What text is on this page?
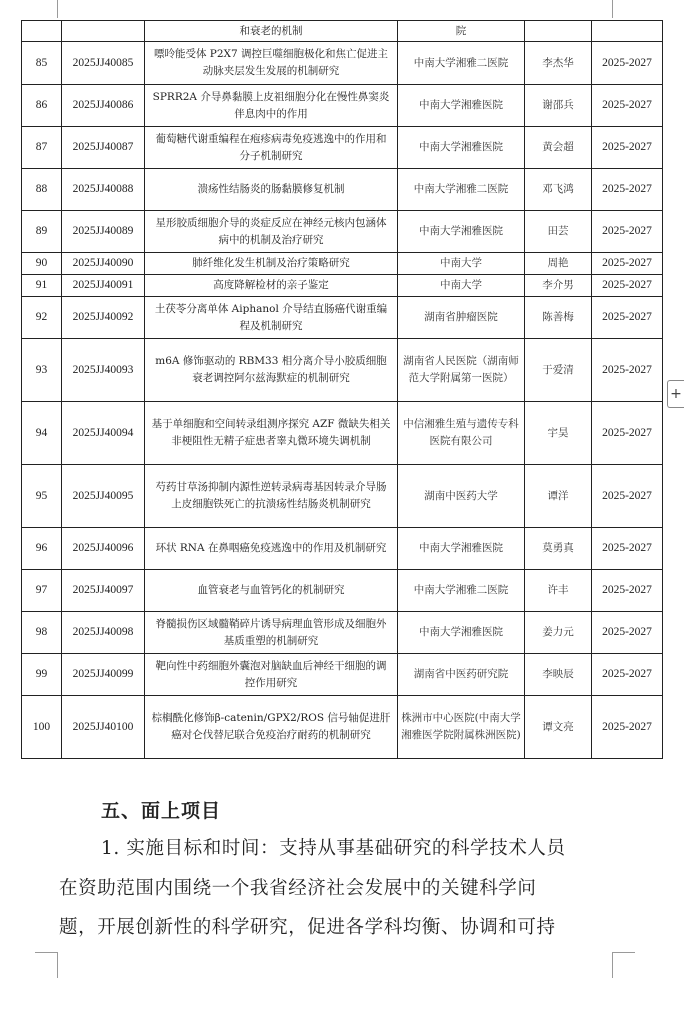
		和衰老的机制	院		
85	2025JJ40085	嘌呤能受体 P2X7 调控巨噬细胞极化和焦亡促进主动脉夹层发生发展的机制研究	中南大学湘雅二医院	李杰华	2025-2027
86	2025JJ40086	SPRR2A 介导鼻黏膜上皮祖细胞分化在慢性鼻窦炎伴息肉中的作用	中南大学湘雅医院	谢邵兵	2025-2027
87	2025JJ40087	葡萄糖代谢重编程在疱疹病毒免疫逃逸中的作用和分子机制研究	中南大学湘雅医院	黄会超	2025-2027
88	2025JJ40088	溃疡性结肠炎的肠黏膜修复机制	中南大学湘雅二医院	邓飞鸿	2025-2027
89	2025JJ40089	星形胶质细胞介导的炎症反应在神经元核内包涵体病中的机制及治疗研究	中南大学湘雅医院	田芸	2025-2027
90	2025JJ40090	肺纤维化发生机制及治疗策略研究	中南大学	周艳	2025-2027
91	2025JJ40091	高度降解检材的亲子鉴定	中南大学	李介男	2025-2027
92	2025JJ40092	土茯苓分离单体 Aiphanol 介导结直肠癌代谢重编程及机制研究	湖南省肿瘤医院	陈善梅	2025-2027
93	2025JJ40093	m6A 修饰驱动的 RBM33 相分离介导小胶质细胞衰老调控阿尔兹海默症的机制研究	湖南省人民医院（湖南师范大学附属第一医院）	于爱清	2025-2027
94	2025JJ40094	基于单细胞和空间转录组测序探究 AZF 微缺失相关非梗阻性无精子症患者睾丸微环境失调机制	中信湘雅生殖与遗传专科医院有限公司	宇昊	2025-2027
95	2025JJ40095	芍药甘草汤抑制内源性逆转录病毒基因转录介导肠上皮细胞铁死亡的抗溃疡性结肠炎机制研究	湖南中医药大学	谭洋	2025-2027
96	2025JJ40096	环状 RNA 在鼻咽癌免疫逃逸中的作用及机制研究	中南大学湘雅医院	莫勇真	2025-2027
97	2025JJ40097	血管衰老与血管钙化的机制研究	中南大学湘雅二医院	许丰	2025-2027
98	2025JJ40098	脊髓损伤区域髓鞘碎片诱导病理血管形成及细胞外基质重塑的机制研究	中南大学湘雅医院	姜力元	2025-2027
99	2025JJ40099	靶向性中药细胞外囊泡对脑缺血后神经干细胞的调控作用研究	湖南省中医药研究院	李映辰	2025-2027
100	2025JJ40100	棕榈酰化修饰β-catenin/GPX2/ROS 信号轴促进肝癌对仑伐替尼联合免疫治疗耐药的机制研究	株洲市中心医院(中南大学湘雅医学院附属株洲医院)	谭文亮	2025-2027
+
五、面上项目

1. 实施目标和时间：支持从事基础研究的科学技术人员

在资助范围内围绕一个我省经济社会发展中的关键科学问

题，开展创新性的科学研究，促进各学科均衡、协调和可持
